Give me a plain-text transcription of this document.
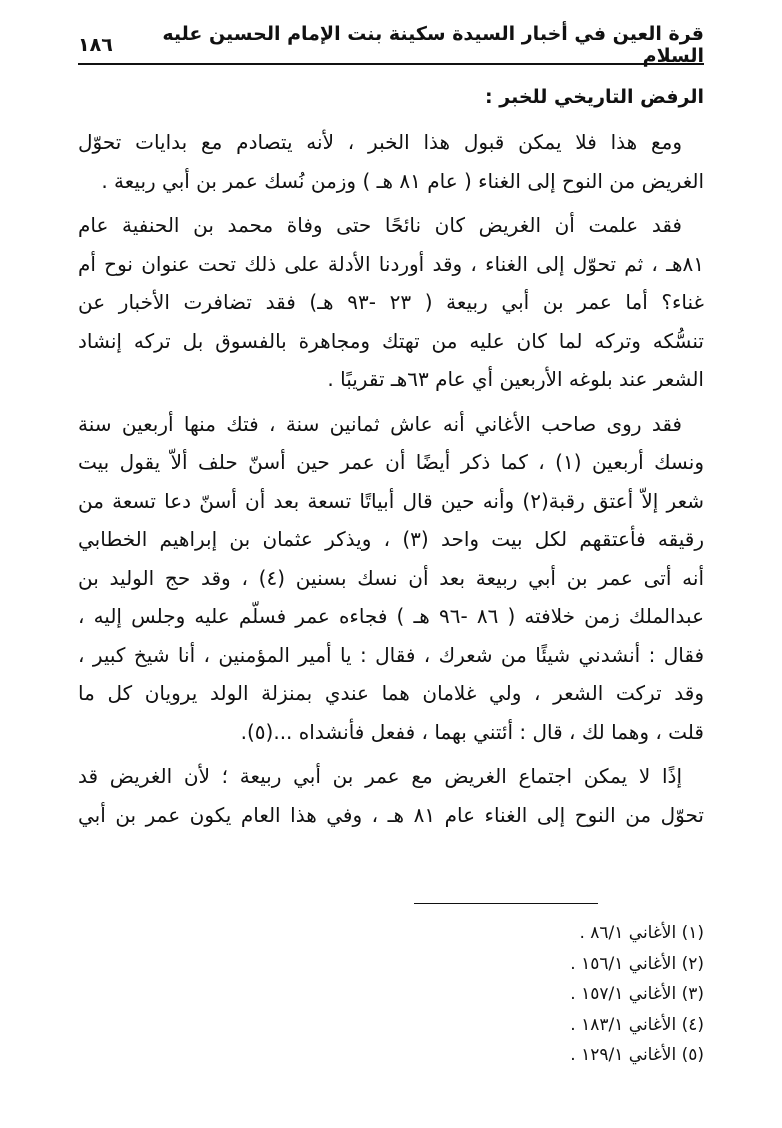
قرة العين في أخبار السيدة سكينة بنت الإمام الحسين عليه السلام
١٨٦
الرفض التاريخي للخبر :

ومع هذا فلا يمكن قبول هذا الخبر ، لأنه يتصادم مع بدايات تحوّل
الغريض من النوح إلى الغناء ( عام ٨١ هـ ) وزمن نُسك عمر بن أبي ربيعة .

فقد علمت أن الغريض كان نائحًا حتى وفاة محمد بن الحنفية عام
٨١هـ ، ثم تحوّل إلى الغناء ، وقد أوردنا الأدلة على ذلك تحت عنوان نوح أم
غناء؟ أما عمر بن أبي ربيعة ( ٢٣ -٩٣ هـ) فقد تضافرت الأخبار عن
تنسُّكه وتركه لما كان عليه من تهتك ومجاهرة بالفسوق بل تركه إنشاد
الشعر عند بلوغه الأربعين أي عام ٦٣هـ تقريبًا .

فقد روى صاحب الأغاني أنه عاش ثمانين سنة ، فتك منها أربعين سنة
ونسك أربعين (١) ، كما ذكر أيضًا أن عمر حين أسنّ حلف ألاّ يقول بيت
شعر إلاّ أعتق رقبة(٢) وأنه حين قال أبياتًا تسعة بعد أن أسنّ دعا تسعة من
رقيقه فأعتقهم لكل بيت واحد (٣) ، ويذكر عثمان بن إبراهيم الخطابي
أنه أتى عمر بن أبي ربيعة بعد أن نسك بسنين (٤) ، وقد حج الوليد بن
عبدالملك زمن خلافته ( ٨٦ -٩٦ هـ ) فجاءه عمر فسلّم عليه وجلس إليه ،
فقال : أنشدني شيئًا من شعرك ، فقال : يا أمير المؤمنين ، أنا شيخ كبير ،
وقد تركت الشعر ، ولي غلامان هما عندي بمنزلة الولد يرويان كل ما
قلت ، وهما لك ، قال : أئتني بهما ، ففعل فأنشداه ...(٥).

إذًا لا يمكن اجتماع الغريض مع عمر بن أبي ربيعة ؛ لأن الغريض قد
تحوّل من النوح إلى الغناء عام ٨١ هـ ، وفي هذا العام يكون عمر بن أبي

(١) الأغاني ٨٦/١ .
(٢) الأغاني ١٥٦/١ .
(٣) الأغاني ١٥٧/١ .
(٤) الأغاني ١٨٣/١ .
(٥) الأغاني ١٢٩/١ .
